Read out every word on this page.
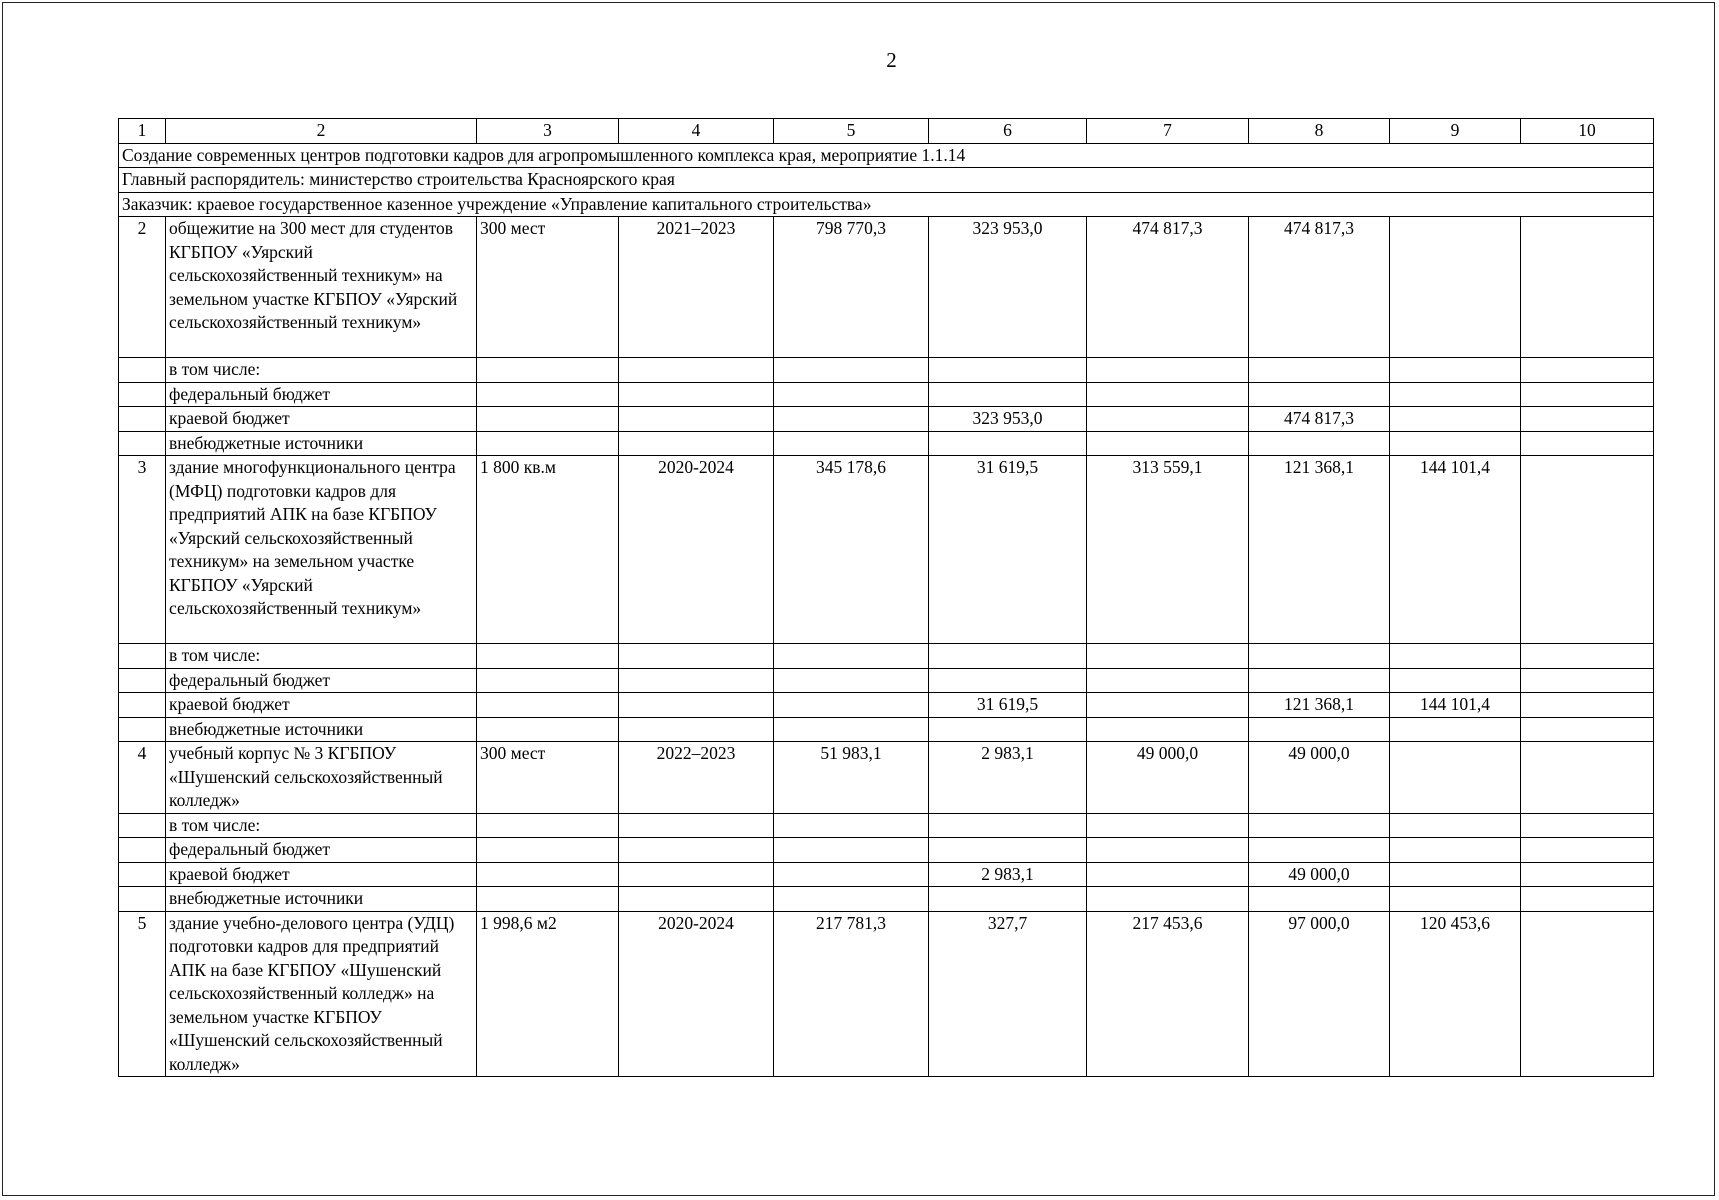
2
1	2	3	4	5	6	7	8	9	10
Создание современных центров подготовки кадров для агропромышленного комплекса края, мероприятие 1.1.14									
Главный распорядитель: министерство строительства Красноярского края									
Заказчик: краевое государственное казенное учреждение «Управление капитального строительства»									
2	общежитие на 300 мест для студентов КГБПОУ «Уярский сельскохозяйственный техникум» на земельном участке КГБПОУ «Уярский сельскохозяйственный техникум»	300 мест	2021–2023	798 770,3	323 953,0	474 817,3	474 817,3		
	в том числе:								
	федеральный бюджет								
	краевой бюджет				323 953,0		474 817,3		
	внебюджетные источники								
3	здание многофункционального центра (МФЦ) подготовки кадров для предприятий АПК на базе КГБПОУ «Уярский сельскохозяйственный техникум» на земельном участке КГБПОУ «Уярский сельскохозяйственный техникум»	1 800 кв.м	2020-2024	345 178,6	31 619,5	313 559,1	121 368,1	144 101,4	
	в том числе:								
	федеральный бюджет								
	краевой бюджет				31 619,5		121 368,1	144 101,4	
	внебюджетные источники								
4	учебный корпус № 3 КГБПОУ «Шушенский сельскохозяйственный колледж»	300 мест	2022–2023	51 983,1	2 983,1	49 000,0	49 000,0		
	в том числе:								
	федеральный бюджет								
	краевой бюджет				2 983,1		49 000,0		
	внебюджетные источники								
5	здание учебно-делового центра (УДЦ) подготовки кадров для предприятий АПК на базе КГБПОУ «Шушенский сельскохозяйственный колледж» на земельном участке КГБПОУ «Шушенский сельскохозяйственный колледж»	1 998,6 м2	2020-2024	217 781,3	327,7	217 453,6	97 000,0	120 453,6	
